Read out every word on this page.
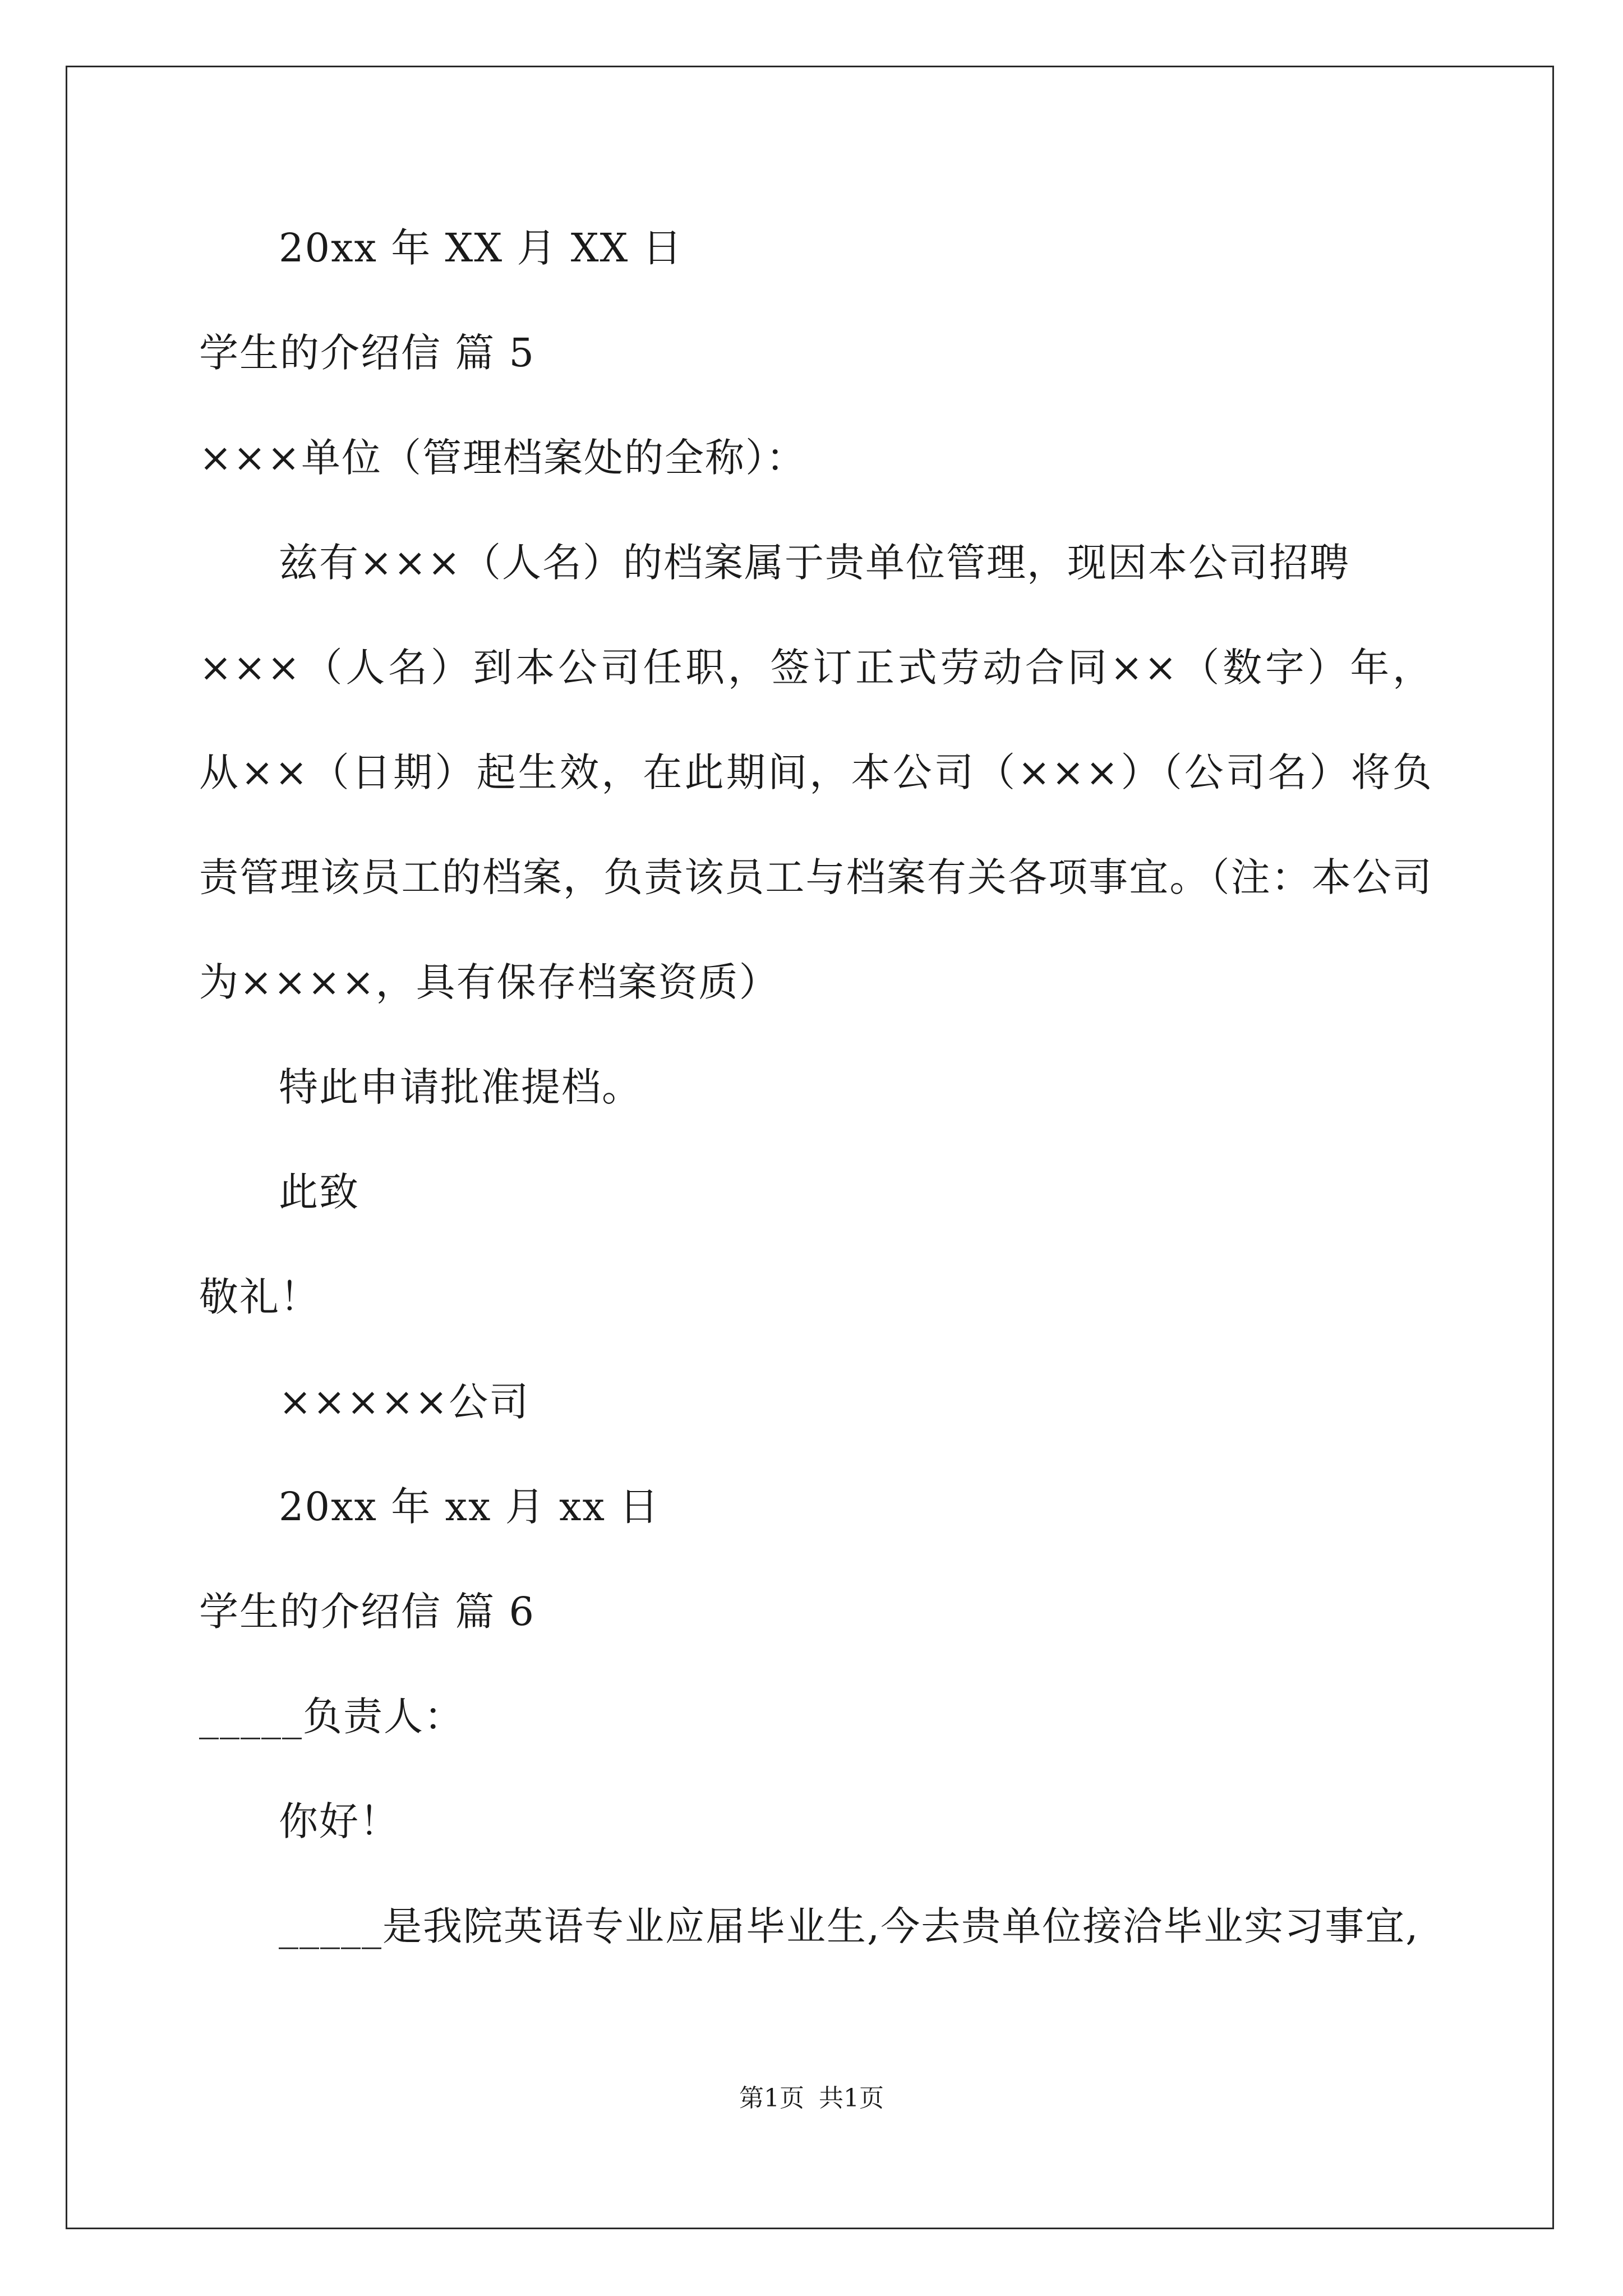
20xx 年 XX 月 XX 日
学生的介绍信 篇 5
×××单位（管理档案处的全称）：
兹有×××（人名）的档案属于贵单位管理，现因本公司招聘
×××（人名）到本公司任职，签订正式劳动合同××（数字）年，
从××（日期）起生效，在此期间，本公司（×××）（公司名）将负
责管理该员工的档案，负责该员工与档案有关各项事宜。（注：本公司
为××××，具有保存档案资质）
特此申请批准提档。
此致
敬礼！
×××××公司
20xx 年 xx 月 xx 日
学生的介绍信 篇 6
_____负责人：
你好！
_____是我院英语专业应届毕业生,今去贵单位接洽毕业实习事宜,
第1页 共1页
